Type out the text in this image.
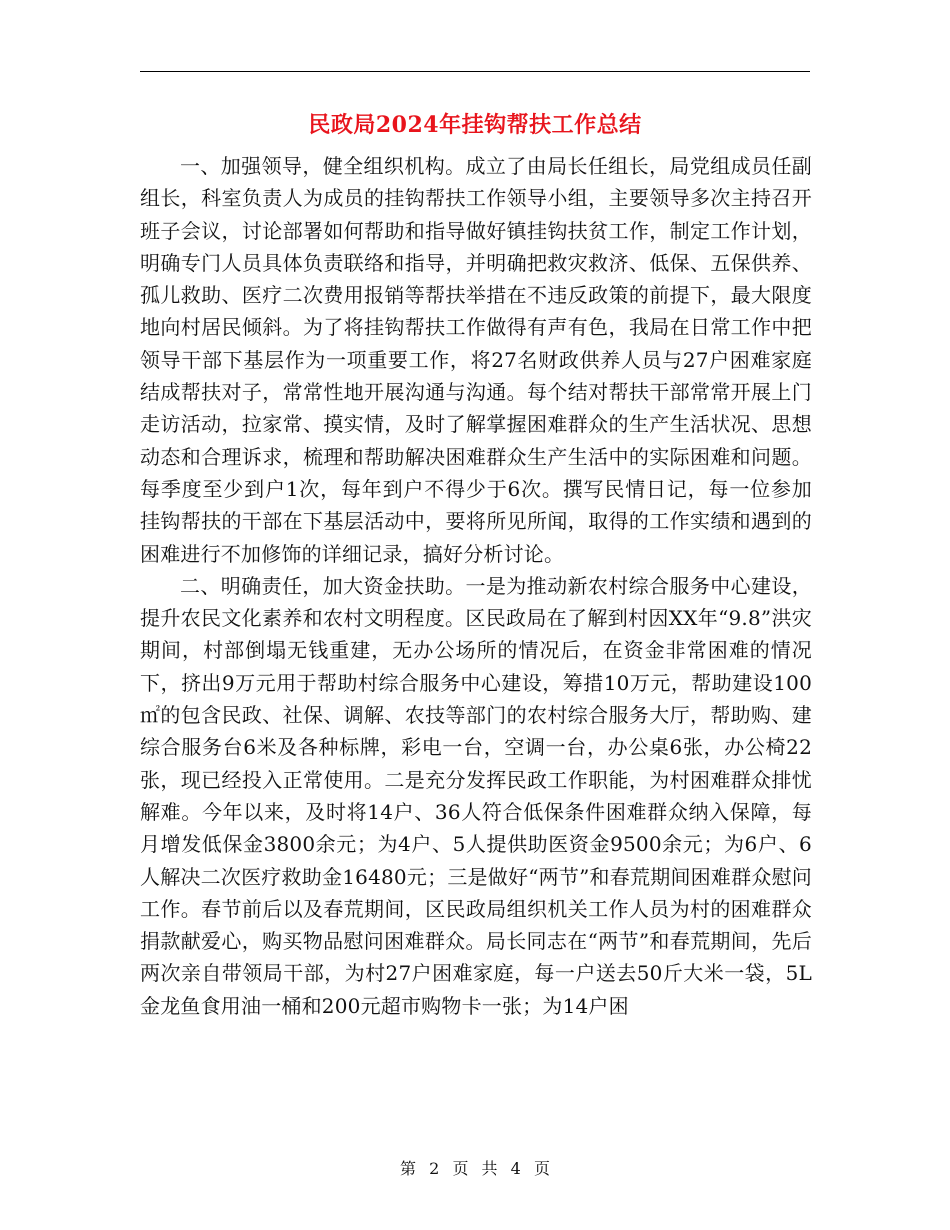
民政局2024年挂钩帮扶工作总结

一、加强领导，健全组织机构。成立了由局长任组长，局党组成员任副组长，科室负责人为成员的挂钩帮扶工作领导小组，主要领导多次主持召开班子会议，讨论部署如何帮助和指导做好镇挂钩扶贫工作，制定工作计划，明确专门人员具体负责联络和指导，并明确把救灾救济、低保、五保供养、孤儿救助、医疗二次费用报销等帮扶举措在不违反政策的前提下，最大限度地向村居民倾斜。为了将挂钩帮扶工作做得有声有色，我局在日常工作中把领导干部下基层作为一项重要工作，将27名财政供养人员与27户困难家庭结成帮扶对子，常常性地开展沟通与沟通。每个结对帮扶干部常常开展上门走访活动，拉家常、摸实情，及时了解掌握困难群众的生产生活状况、思想动态和合理诉求，梳理和帮助解决困难群众生产生活中的实际困难和问题。每季度至少到户1次，每年到户不得少于6次。撰写民情日记，每一位参加挂钩帮扶的干部在下基层活动中，要将所见所闻，取得的工作实绩和遇到的困难进行不加修饰的详细记录，搞好分析讨论。

二、明确责任，加大资金扶助。一是为推动新农村综合服务中心建设，提升农民文化素养和农村文明程度。区民政局在了解到村因XX年“9.8”洪灾期间，村部倒塌无钱重建，无办公场所的情况后，在资金非常困难的情况下，挤出9万元用于帮助村综合服务中心建设，筹措10万元，帮助建设100㎡的包含民政、社保、调解、农技等部门的农村综合服务大厅，帮助购、建综合服务台6米及各种标牌，彩电一台，空调一台，办公桌6张，办公椅22张，现已经投入正常使用。二是充分发挥民政工作职能，为村困难群众排忧解难。今年以来，及时将14户、36人符合低保条件困难群众纳入保障，每月增发低保金3800余元；为4户、5人提供助医资金9500余元；为6户、6人解决二次医疗救助金16480元；三是做好“两节”和春荒期间困难群众慰问工作。春节前后以及春荒期间，区民政局组织机关工作人员为村的困难群众捐款献爱心，购买物品慰问困难群众。局长同志在“两节”和春荒期间，先后两次亲自带领局干部，为村27户困难家庭，每一户送去50斤大米一袋，5L金龙鱼食用油一桶和200元超市购物卡一张；为14户困

第 2 页 共 4 页
